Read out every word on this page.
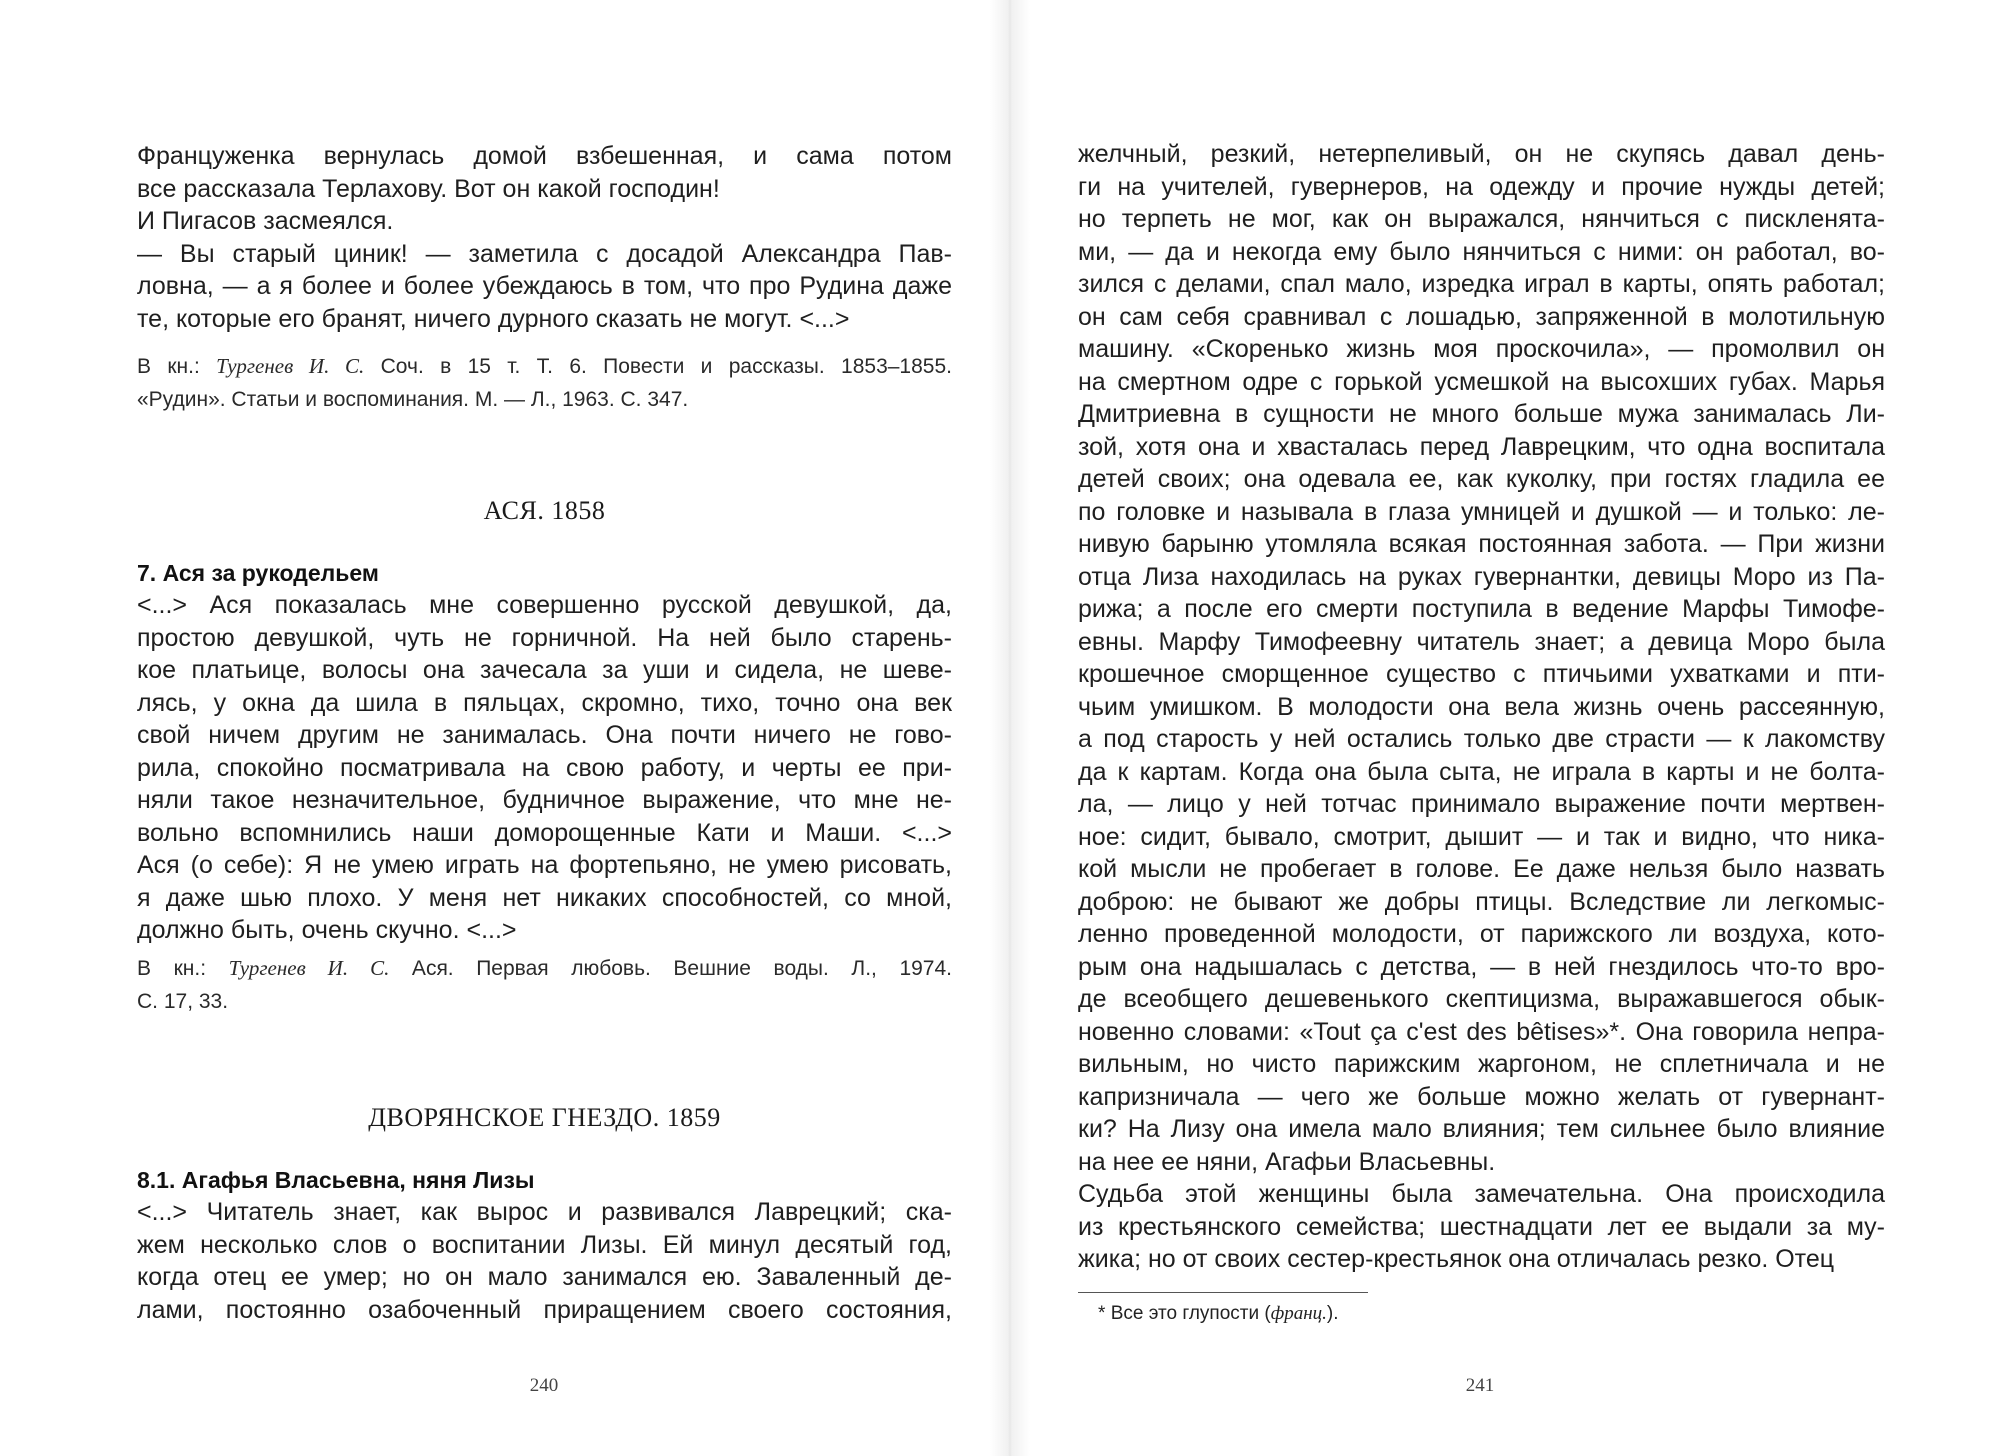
Француженка вернулась домой взбешенная, и сама потом
все рассказала Терлахову. Вот он какой господин!
И Пигасов засмеялся.
— Вы старый циник! — заметила с досадой Александра Пав-
ловна, — а я более и более убеждаюсь в том, что про Рудина даже
те, которые его бранят, ничего дурного сказать не могут. <...>
В кн.: Тургенев И. С. Соч. в 15 т. Т. 6. Повести и рассказы. 1853–1855.
«Рудин». Статьи и воспоминания. М. — Л., 1963. С. 347.
АСЯ. 1858
7. Ася за рукодельем
<...> Ася показалась мне совершенно русской девушкой, да,
простою девушкой, чуть не горничной. На ней было старень-
кое платьице, волосы она зачесала за уши и сидела, не шеве-
лясь, у окна да шила в пяльцах, скромно, тихо, точно она век
свой ничем другим не занималась. Она почти ничего не гово-
рила, спокойно посматривала на свою работу, и черты ее при-
няли такое незначительное, будничное выражение, что мне не-
вольно вспомнились наши доморощенные Кати и Маши. <...>
Ася (о себе): Я не умею играть на фортепьяно, не умею рисовать,
я даже шью плохо. У меня нет никаких способностей, со мной,
должно быть, очень скучно. <...>
В кн.: Тургенев И. С. Ася. Первая любовь. Вешние воды. Л., 1974.
С. 17, 33.
ДВОРЯНСКОЕ ГНЕЗДО. 1859
8.1. Агафья Власьевна, няня Лизы
<...> Читатель знает, как вырос и развивался Лаврецкий; ска-
жем несколько слов о воспитании Лизы. Ей минул десятый год,
когда отец ее умер; но он мало занимался ею. Заваленный де-
лами, постоянно озабоченный приращением своего состояния,
240
желчный, резкий, нетерпеливый, он не скупясь давал день-
ги на учителей, гувернеров, на одежду и прочие нужды детей;
но терпеть не мог, как он выражался, нянчиться с пискленята-
ми, — да и некогда ему было нянчиться с ними: он работал, во-
зился с делами, спал мало, изредка играл в карты, опять работал;
он сам себя сравнивал с лошадью, запряженной в молотильную
машину. «Скоренько жизнь моя проскочила», — промолвил он
на смертном одре с горькой усмешкой на высохших губах. Марья
Дмитриевна в сущности не много больше мужа занималась Ли-
зой, хотя она и хвасталась перед Лаврецким, что одна воспитала
детей своих; она одевала ее, как куколку, при гостях гладила ее
по головке и называла в глаза умницей и душкой — и только: ле-
нивую барыню утомляла всякая постоянная забота. — При жизни
отца Лиза находилась на руках гувернантки, девицы Моро из Па-
рижа; а после его смерти поступила в ведение Марфы Тимофе-
евны. Марфу Тимофеевну читатель знает; а девица Моро была
крошечное сморщенное существо с птичьими ухватками и пти-
чьим умишком. В молодости она вела жизнь очень рассеянную,
а под старость у ней остались только две страсти — к лакомству
да к картам. Когда она была сыта, не играла в карты и не болта-
ла, — лицо у ней тотчас принимало выражение почти мертвен-
ное: сидит, бывало, смотрит, дышит — и так и видно, что ника-
кой мысли не пробегает в голове. Ее даже нельзя было назвать
доброю: не бывают же добры птицы. Вследствие ли легкомыс-
ленно проведенной молодости, от парижского ли воздуха, кото-
рым она надышалась с детства, — в ней гнездилось что-то вро-
де всеобщего дешевенького скептицизма, выражавшегося обык-
новенно словами: «Tout ça c'est des bêtises»*. Она говорила непра-
вильным, но чисто парижским жаргоном, не сплетничала и не
капризничала — чего же больше можно желать от гувернант-
ки? На Лизу она имела мало влияния; тем сильнее было влияние
на нее ее няни, Агафьи Власьевны.
Судьба этой женщины была замечательна. Она происходила
из крестьянского семейства; шестнадцати лет ее выдали за му-
жика; но от своих сестер-крестьянок она отличалась резко. Отец
* Все это глупости (франц.).
241
